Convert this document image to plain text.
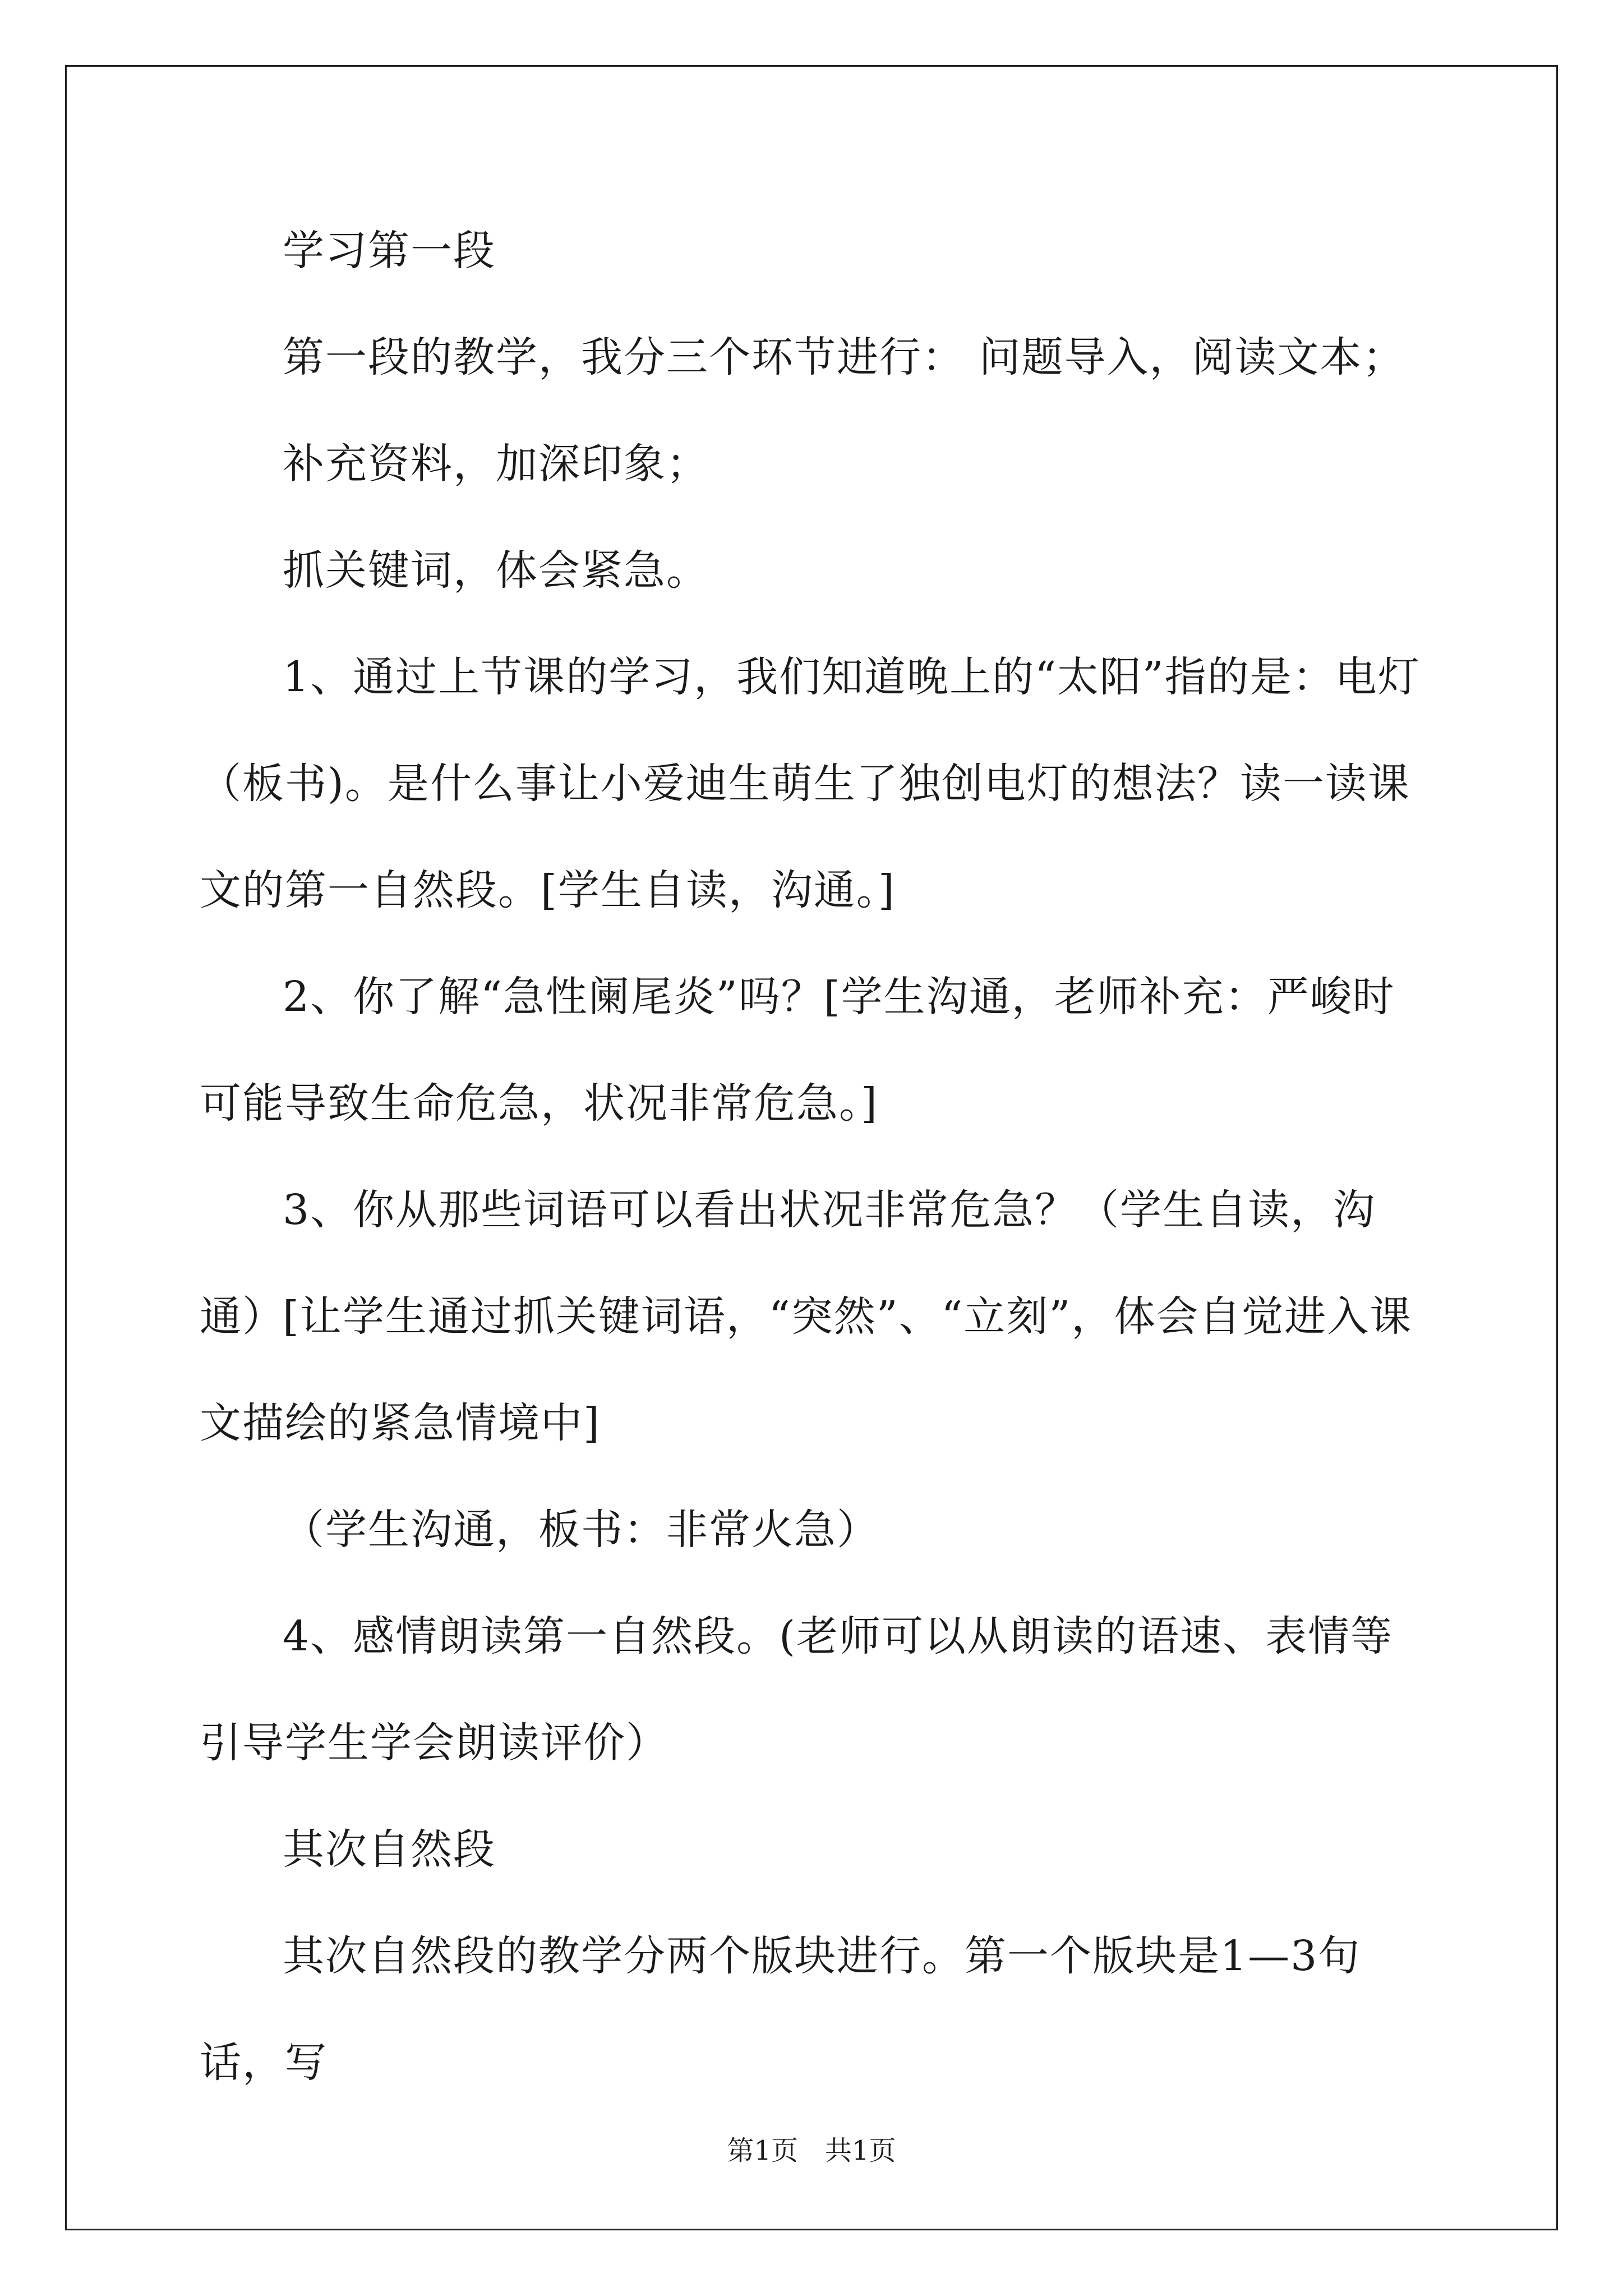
学习第一段

第一段的教学，我分三个环节进行： 问题导入，阅读文本；

补充资料，加深印象；

抓关键词，体会紧急。

1、通过上节课的学习，我们知道晚上的“太阳”指的是：电灯（板书)。是什么事让小爱迪生萌生了独创电灯的想法？读一读课文的第一自然段。[学生自读，沟通。]

2、你了解“急性阑尾炎”吗？[学生沟通，老师补充：严峻时可能导致生命危急，状况非常危急。]

3、你从那些词语可以看出状况非常危急？（学生自读，沟通）

[让学生通过抓关键词语，“突然”、“立刻”，体会自觉进入课文描绘的紧急情境中]

（学生沟通，板书：非常火急）

4、感情朗读第一自然段。(老师可以从朗读的语速、表情等引导学生学会朗读评价）

其次自然段

其次自然段的教学分两个版块进行。第一个版块是1—3句话，写

第1页　共1页
